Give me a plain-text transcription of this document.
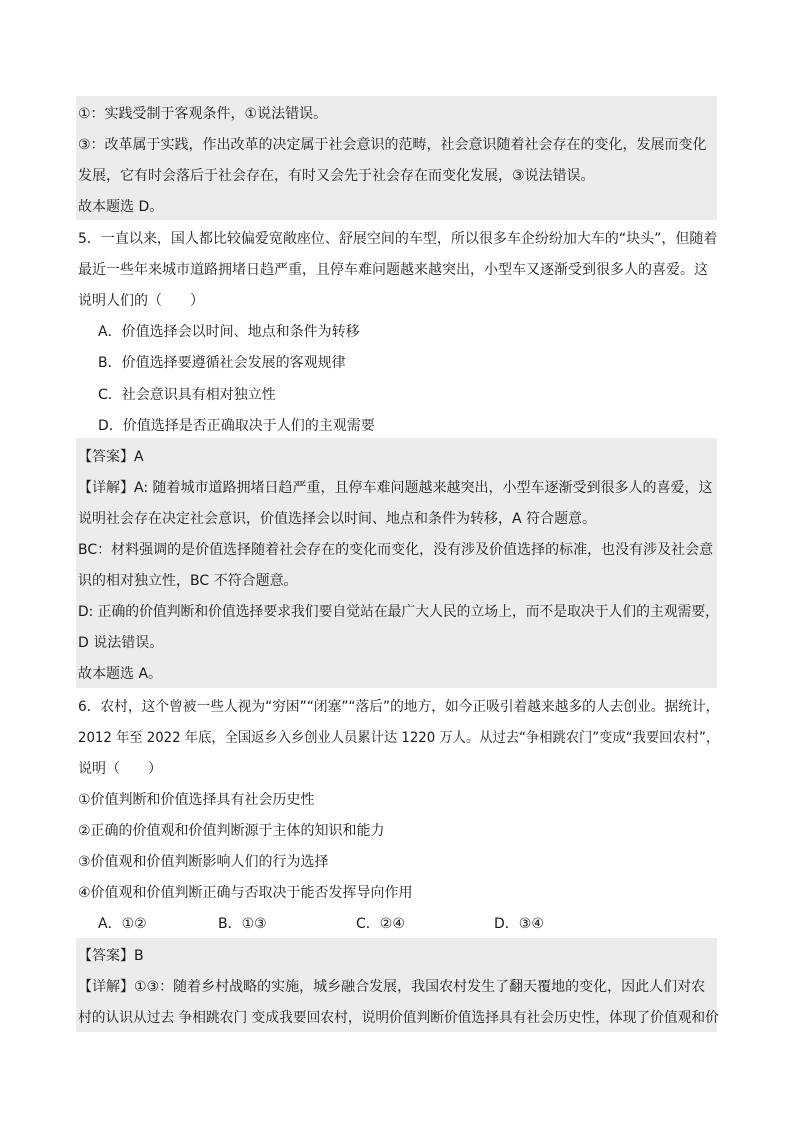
①：实践受制于客观条件，①说法错误。
③：改革属于实践，作出改革的决定属于社会意识的范畴，社会意识随着社会存在的变化，发展而变化
发展，它有时会落后于社会存在，有时又会先于社会存在而变化发展，③说法错误。
故本题选 D。
5．一直以来，国人都比较偏爱宽敞座位、舒展空间的车型，所以很多车企纷纷加大车的“块头”，但随着
最近一些年来城市道路拥堵日趋严重，且停车难问题越来越突出，小型车又逐渐受到很多人的喜爱。这
说明人们的（　　）
A．价值选择会以时间、地点和条件为转移
B．价值选择要遵循社会发展的客观规律
C．社会意识具有相对独立性
D．价值选择是否正确取决于人们的主观需要
【答案】A
【详解】A: 随着城市道路拥堵日趋严重，且停车难问题越来越突出，小型车逐渐受到很多人的喜爱，这
说明社会存在决定社会意识，价值选择会以时间、地点和条件为转移，A 符合题意。
BC：材料强调的是价值选择随着社会存在的变化而变化，没有涉及价值选择的标准，也没有涉及社会意
识的相对独立性，BC 不符合题意。
D: 正确的价值判断和价值选择要求我们要自觉站在最广大人民的立场上，而不是取决于人们的主观需要，
D 说法错误。
故本题选 A。
6．农村，这个曾被一些人视为“穷困”“闭塞”“落后”的地方，如今正吸引着越来越多的人去创业。据统计，
2012 年至 2022 年底，全国返乡入乡创业人员累计达 1220 万人。从过去“争相跳农门”变成“我要回农村”，
说明（　　）
①价值判断和价值选择具有社会历史性
②正确的价值观和价值判断源于主体的知识和能力
③价值观和价值判断影响人们的行为选择
④价值观和价值判断正确与否取决于能否发挥导向作用
A．①②	B．①③	C．②④	D．③④
【答案】B
【详解】①③：随着乡村战略的实施，城乡融合发展，我国农村发生了翻天覆地的变化，因此人们对农
村的认识从过去 争相跳农门 变成我要回农村，说明价值判断价值选择具有社会历史性，体现了价值观和价
